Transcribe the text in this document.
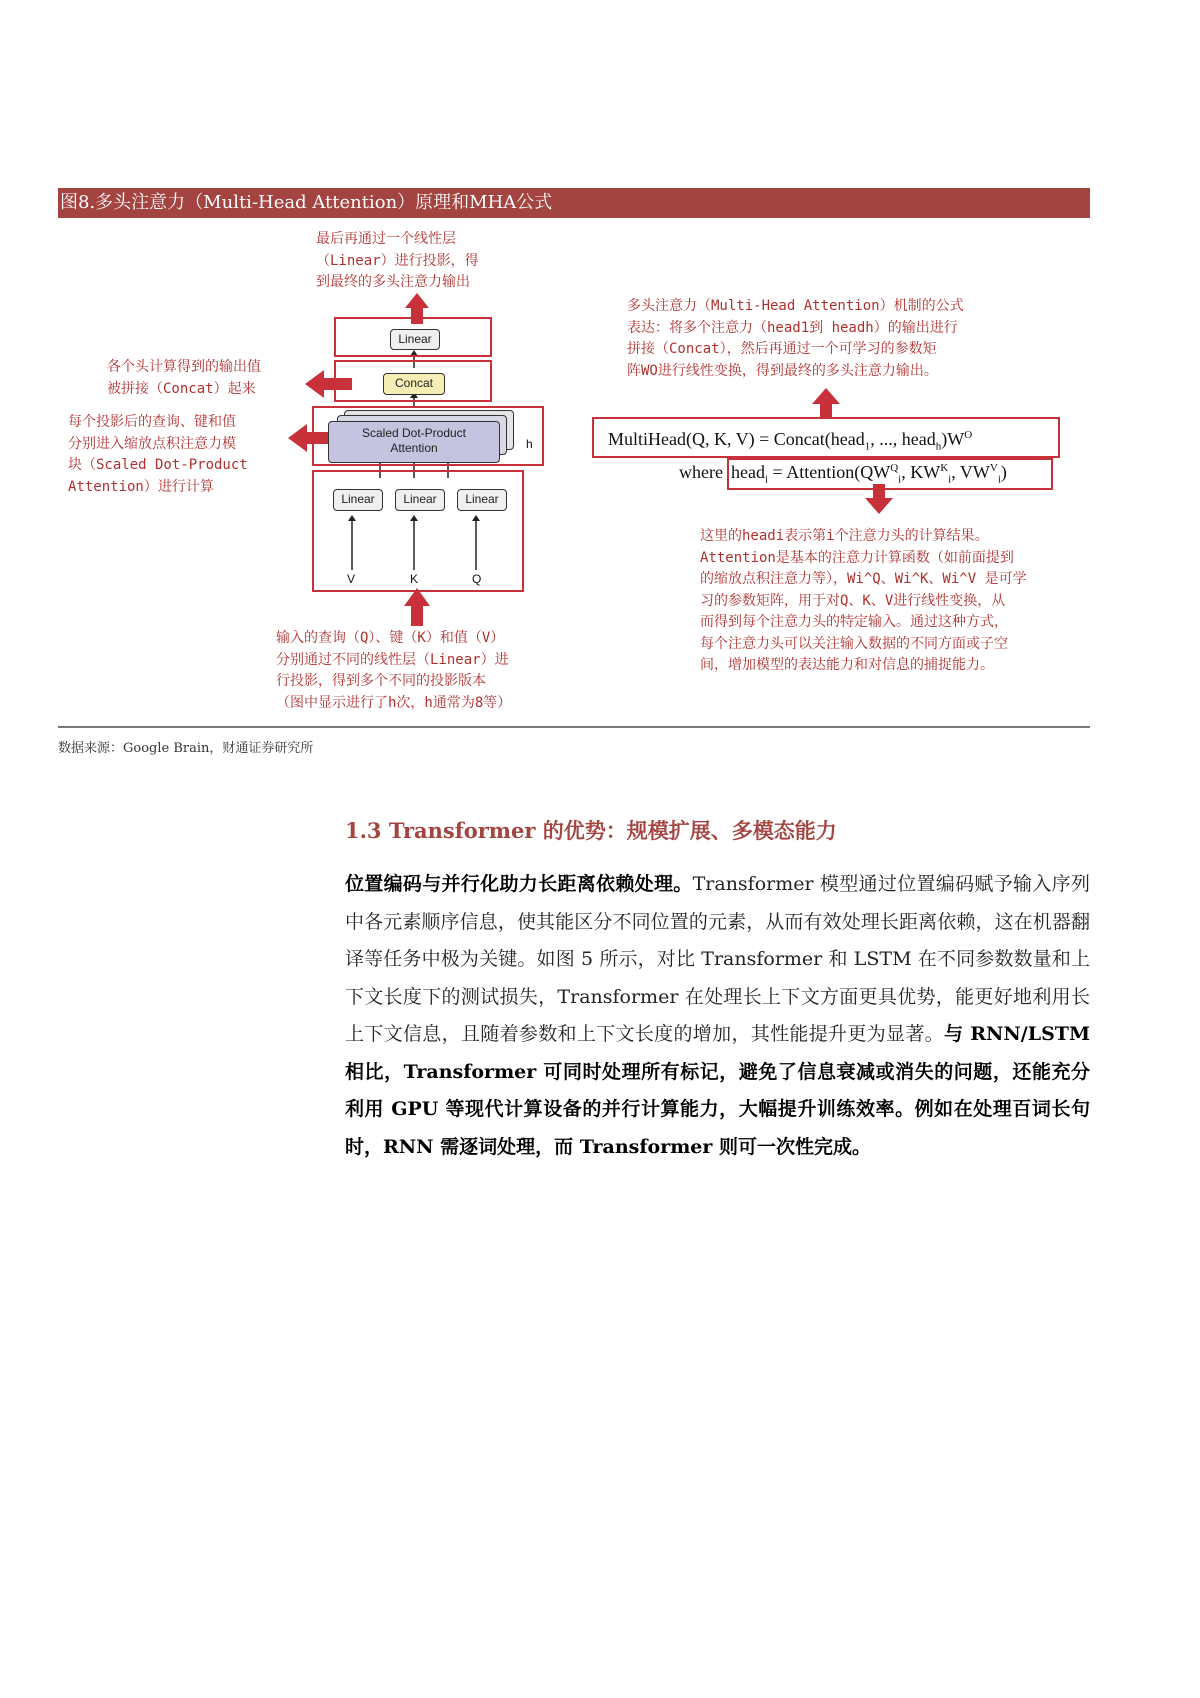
图8.多头注意力（Multi-Head Attention）原理和MHA公式
最后再通过一个线性层
（Linear）进行投影，得
到最终的多头注意力输出
各个头计算得到的输出值
被拼接（Concat）起来
每个投影后的查询、键和值
分别进入缩放点积注意力模
块（Scaled Dot-Product
Attention）进行计算
输入的查询（Q）、键（K）和值（V）
分别通过不同的线性层（Linear）进
行投影，得到多个不同的投影版本
（图中显示进行了h次，h通常为8等）
Linear
Concat
Scaled Dot-Product
Attention	h
Linear	Linear	Linear
V	K	Q
多头注意力（Multi-Head Attention）机制的公式
表达：将多个注意力（head1到 headh）的输出进行
拼接（Concat），然后再通过一个可学习的参数矩
阵WO进行线性变换，得到最终的多头注意力输出。
MultiHead(Q, K, V) = Concat(head$_1$, ..., $head_h)W^O$
where head$_i$ = $Attention(QW^Q_i$, $KW^K_i$, $VW^V_i$)
这里的headi表示第i个注意力头的计算结果。
Attention是基本的注意力计算函数（如前面提到
的缩放点积注意力等），Wi^Q、Wi^K、Wi^V 是可学
习的参数矩阵，用于对Q、K、V进行线性变换，从
而得到每个注意力头的特定输入。通过这种方式，
每个注意力头可以关注输入数据的不同方面或子空
间，增加模型的表达能力和对信息的捕捉能力。
数据来源：Google Brain，财通证券研究所
1.3 Transformer 的优势：规模扩展、多模态能力
位置编码与并行化助力长距离依赖处理。Transformer 模型通过位置编码赋予输入序列中各元素顺序信息，使其能区分不同位置的元素，从而有效处理长距离依赖，这在机器翻译等任务中极为关键。如图 5 所示，对比 Transformer 和 LSTM 在不同参数数量和上下文长度下的测试损失，Transformer 在处理长上下文方面更具优势，能更好地利用长上下文信息，且随着参数和上下文长度的增加，其性能提升更为显著。与 RNN/LSTM 相比，Transformer 可同时处理所有标记，避免了信息衰减或消失的问题，还能充分利用 GPU 等现代计算设备的并行计算能力，大幅提升训练效率。例如在处理百词长句时，RNN 需逐词处理，而 Transformer 则可一次性完成。
